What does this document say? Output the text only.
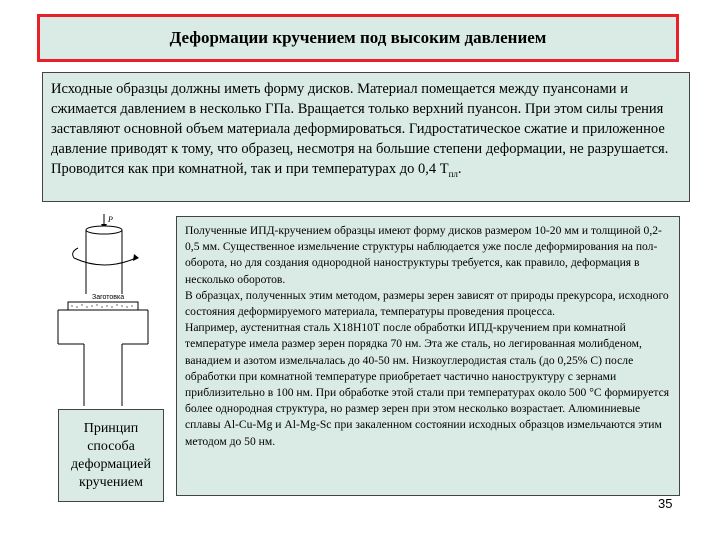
Деформации кручением под высоким давлением
Исходные образцы должны иметь форму дисков. Материал помещается между пуансонами и сжимается давлением в несколько ГПа. Вращается только верхний пуансон. При этом силы трения заставляют основной объем материала деформироваться. Гидростатическое сжатие и приложенное давление приводят к тому, что образец, несмотря на большие степени деформации, не разрушается. Проводится как при комнатной, так и при температурах до 0,4 $T_{пл}$.
P
Заготовка
Принцип способа деформацией кручением

Полученные ИПД-кручением образцы имеют форму дисков размером 10-20 мм и толщиной 0,2-0,5 мм. Существенное измельчение структуры наблюдается уже после деформирования на пол-оборота, но для создания однородной наноструктуры требуется, как правило, деформация в несколько оборотов.

В образцах, полученных этим методом, размеры зерен зависят от природы прекурсора, исходного состояния деформируемого материала, температуры проведения процесса.

Например, аустенитная сталь Х18Н10Т после обработки ИПД-кручением при комнатной температуре имела размер зерен порядка 70 нм. Эта же сталь, но легированная молибденом, ванадием и азотом измельчалась до 40-50 нм. Низкоуглеродистая сталь (до 0,25% С) после обработки при комнатной температуре приобретает частично наноструктуру с зернами приблизительно в 100 нм. При обработке этой стали при температурах около 500 °С формируется более однородная структура, но размер зерен при этом несколько возрастает. Алюминиевые сплавы Al-Cu-Mg и Al-Mg-Sc при закаленном состоянии исходных образцов измельчаются этим методом до 50 нм.

35
